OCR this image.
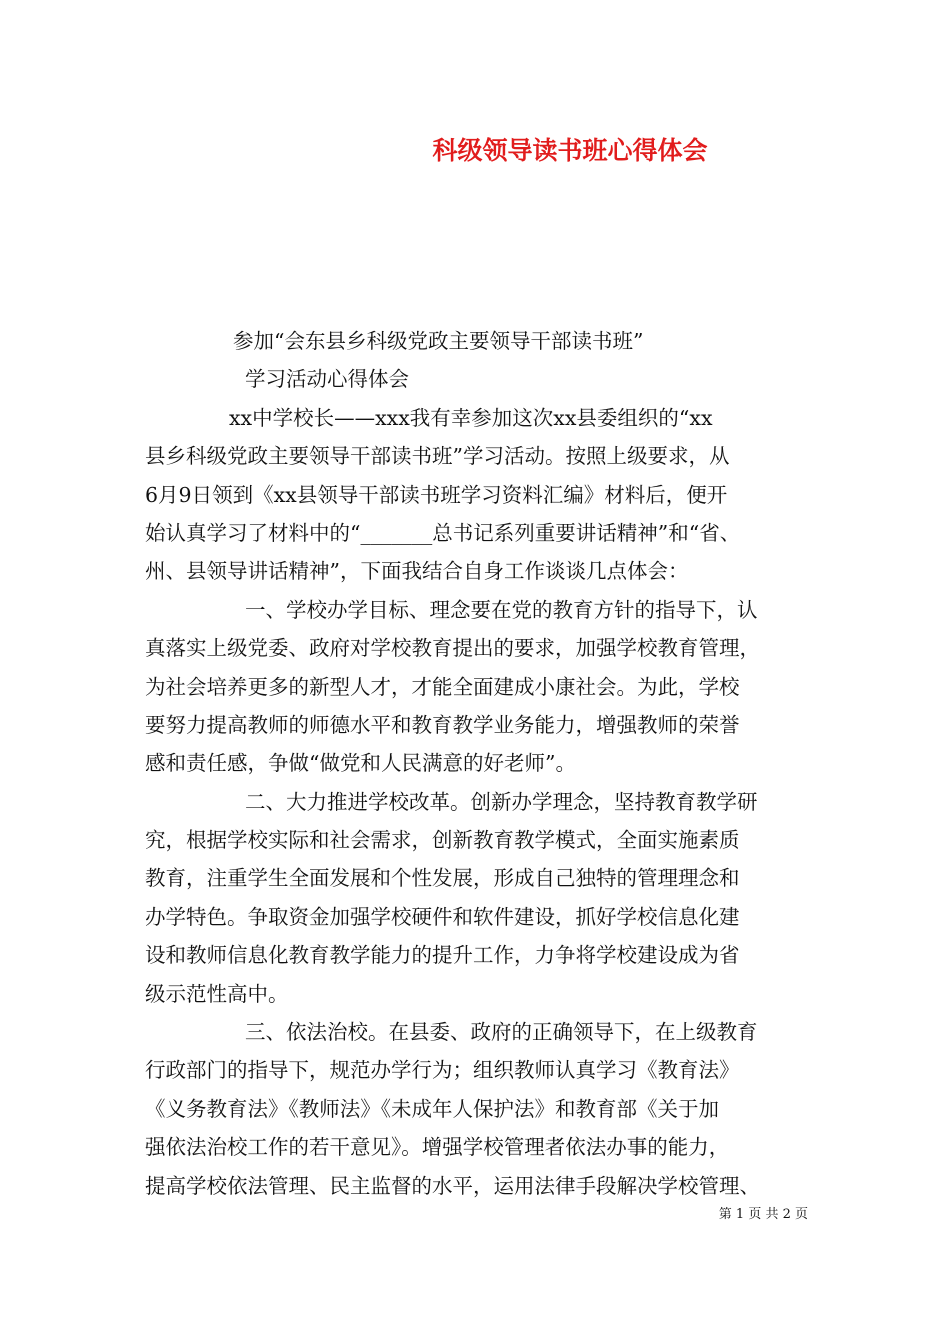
科级领导读书班心得体会
参加“会东县乡科级党政主要领导干部读书班”
学习活动心得体会
xx中学校长——xxx我有幸参加这次xx县委组织的“xx
县乡科级党政主要领导干部读书班”学习活动。按照上级要求，从
6月9日领到《xx县领导干部读书班学习资料汇编》材料后，便开
始认真学习了材料中的“_______总书记系列重要讲话精神”和“省、
州、县领导讲话精神”，下面我结合自身工作谈谈几点体会：
一、学校办学目标、理念要在党的教育方针的指导下，认
真落实上级党委、政府对学校教育提出的要求，加强学校教育管理，
为社会培养更多的新型人才，才能全面建成小康社会。为此，学校
要努力提高教师的师德水平和教育教学业务能力，增强教师的荣誉
感和责任感，争做“做党和人民满意的好老师”。
二、大力推进学校改革。创新办学理念，坚持教育教学研
究，根据学校实际和社会需求，创新教育教学模式，全面实施素质
教育，注重学生全面发展和个性发展，形成自己独特的管理理念和
办学特色。争取资金加强学校硬件和软件建设，抓好学校信息化建
设和教师信息化教育教学能力的提升工作，力争将学校建设成为省
级示范性高中。
三、依法治校。在县委、政府的正确领导下，在上级教育
行政部门的指导下，规范办学行为；组织教师认真学习《教育法》
《义务教育法》《教师法》《未成年人保护法》和教育部《关于加
强依法治校工作的若干意见》。增强学校管理者依法办事的能力，
提高学校依法管理、民主监督的水平，运用法律手段解决学校管理、
第 1 页 共 2 页
